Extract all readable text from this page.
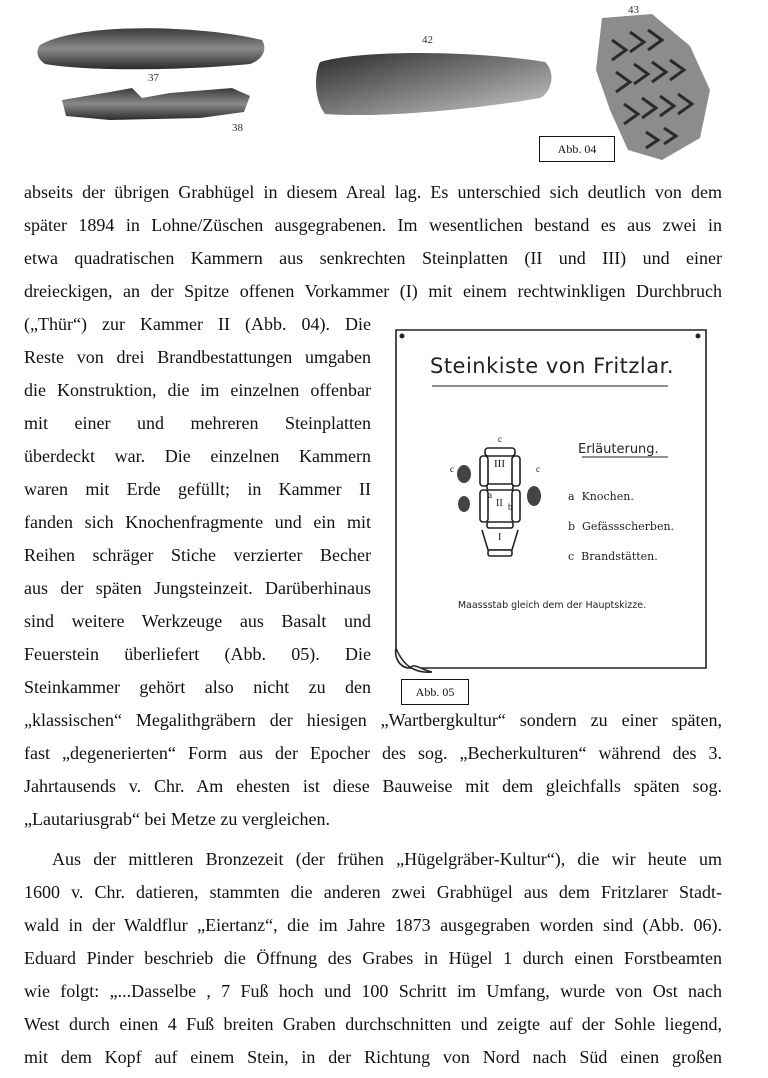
37
38
42
43
Abb. 04
abseits der übrigen Grabhügel in diesem Areal lag. Es unterschied sich deutlich von dem
später 1894 in Lohne/Züschen ausgegrabenen. Im wesentlichen bestand es aus zwei in
etwa quadratischen Kammern aus senkrechten Steinplatten (II und III) und einer
dreieckigen, an der Spitze offenen Vorkammer (I) mit einem rechtwinkligen Durchbruch
(„Thür“) zur Kammer II (Abb. 04). Die
Reste von drei Brandbestattungen umgaben
die Konstruktion, die im einzelnen offenbar
mit einer und mehreren Steinplatten
überdeckt war. Die einzelnen Kammern
waren mit Erde gefüllt; in Kammer II
fanden sich Knochenfragmente und ein mit
Reihen schräger Stiche verzierter Becher
aus der späten Jungsteinzeit. Darüberhinaus
sind weitere Werkzeuge aus Basalt und
Feuerstein überliefert (Abb. 05). Die
Steinkammer gehört also nicht zu den
Steinkiste von Fritzlar.
Erläuterung.
a Knochen.
b Gefässscherben.
c Brandstätten.
Maassstab gleich dem der Hauptskizze.
III
II
I
a
b
c
c	c
Abb. 05
„klassischen“ Megalithgräbern der hiesigen „Wartbergkultur“ sondern zu einer späten,
fast „degenerierten“ Form aus der Epocher des sog. „Becherkulturen“ während des 3.
Jahrtausends v. Chr. Am ehesten ist diese Bauweise mit dem gleichfalls späten sog.
„Lautariusgrab“ bei Metze zu vergleichen.
Aus der mittleren Bronzezeit (der frühen „Hügelgräber-Kultur“), die wir heute um
1600 v. Chr. datieren, stammten die anderen zwei Grabhügel aus dem Fritzlarer Stadt-
wald in der Waldflur „Eiertanz“, die im Jahre 1873 ausgegraben worden sind (Abb. 06).
Eduard Pinder beschrieb die Öffnung des Grabes in Hügel 1 durch einen Forstbeamten
wie folgt: „...Dasselbe , 7 Fuß hoch und 100 Schritt im Umfang, wurde von Ost nach
West durch einen 4 Fuß breiten Graben durchschnitten und zeigte auf der Sohle liegend,
mit dem Kopf auf einem Stein, in der Richtung von Nord nach Süd einen großen
